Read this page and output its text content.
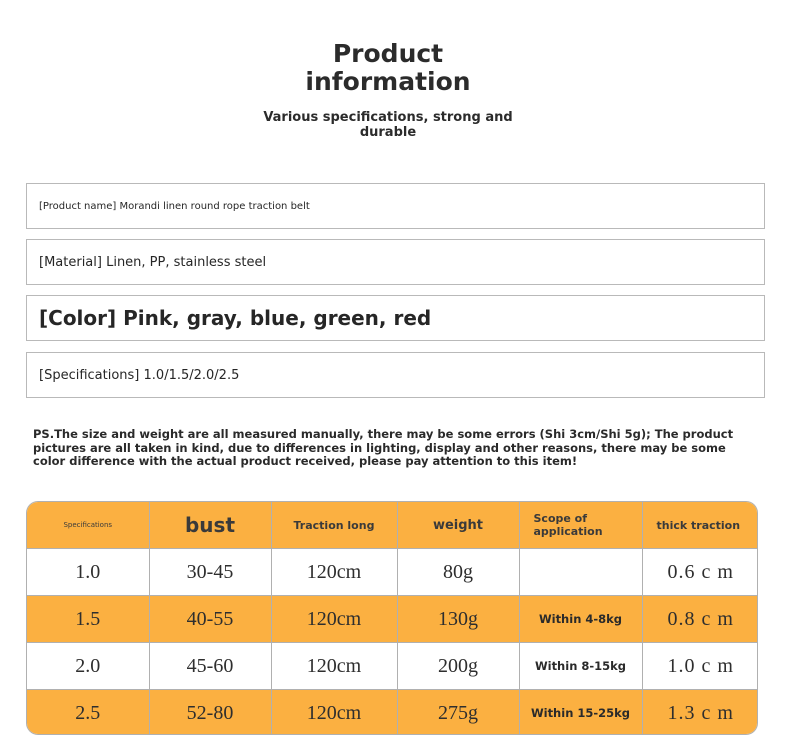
Product
information
Various specifications, strong and
durable
[Product name] Morandi linen round rope traction belt
[Material] Linen, PP, stainless steel
[Color] Pink, gray, blue, green, red
[Specifications] 1.0/1.5/2.0/2.5
PS.The size and weight are all measured manually, there may be some errors (Shi 3cm/Shi 5g); The product pictures are all taken in kind, due to differences in lighting, display and other reasons, there may be some color difference with the actual product received, please pay attention to this item!
Specifications	bust	Traction long	weight	Scope of application	thick traction
1.0	30-45	120cm	80g		0.6 c m
1.5	40-55	120cm	130g	Within 4-8kg	0.8 c m
2.0	45-60	120cm	200g	Within 8-15kg	1.0 c m
2.5	52-80	120cm	275g	Within 15-25kg	1.3 c m
